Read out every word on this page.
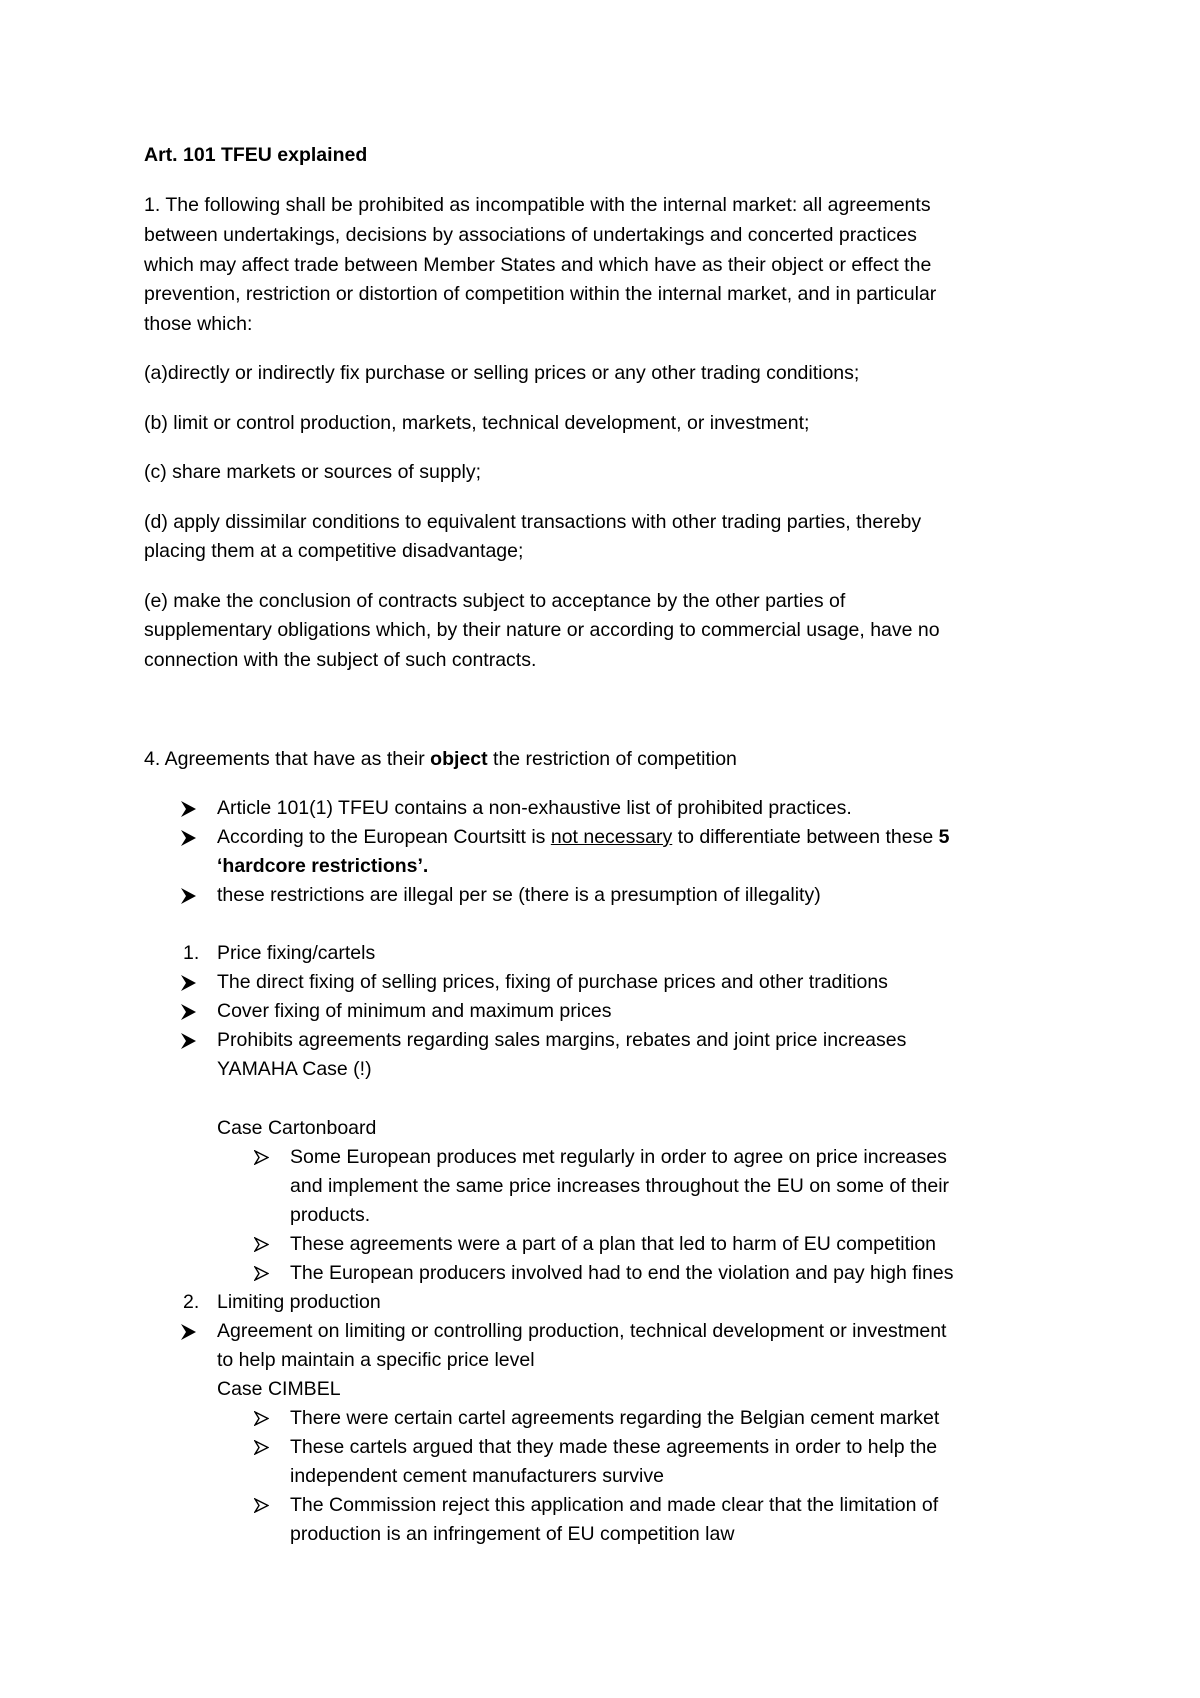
Art. 101 TFEU explained

1. The following shall be prohibited as incompatible with the internal market: all agreements

between undertakings, decisions by associations of undertakings and concerted practices

which may affect trade between Member States and which have as their object or effect the

prevention, restriction or distortion of competition within the internal market, and in particular

those which:

(a)directly or indirectly fix purchase or selling prices or any other trading conditions;

(b) limit or control production, markets, technical development, or investment;

(c) share markets or sources of supply;

(d) apply dissimilar conditions to equivalent transactions with other trading parties, thereby

placing them at a competitive disadvantage;

(e) make the conclusion of contracts subject to acceptance by the other parties of

supplementary obligations which, by their nature or according to commercial usage, have no

connection with the subject of such contracts.

4. Agreements that have as their object the restriction of competition

Article 101(1) TFEU contains a non-exhaustive list of prohibited practices.

According to the European Courtsitt is not necessary to differentiate between these 5

‘hardcore restrictions’.

these restrictions are illegal per se (there is a presumption of illegality)

1. Price fixing/cartels

The direct fixing of selling prices, fixing of purchase prices and other traditions

Cover fixing of minimum and maximum prices

Prohibits agreements regarding sales margins, rebates and joint price increases

YAMAHA Case (!)

Case Cartonboard

Some European produces met regularly in order to agree on price increases

and implement the same price increases throughout the EU on some of their

products.

These agreements were a part of a plan that led to harm of EU competition

The European producers involved had to end the violation and pay high fines

2. Limiting production

Agreement on limiting or controlling production, technical development or investment

to help maintain a specific price level

Case CIMBEL

There were certain cartel agreements regarding the Belgian cement market

These cartels argued that they made these agreements in order to help the

independent cement manufacturers survive

The Commission reject this application and made clear that the limitation of

production is an infringement of EU competition law
